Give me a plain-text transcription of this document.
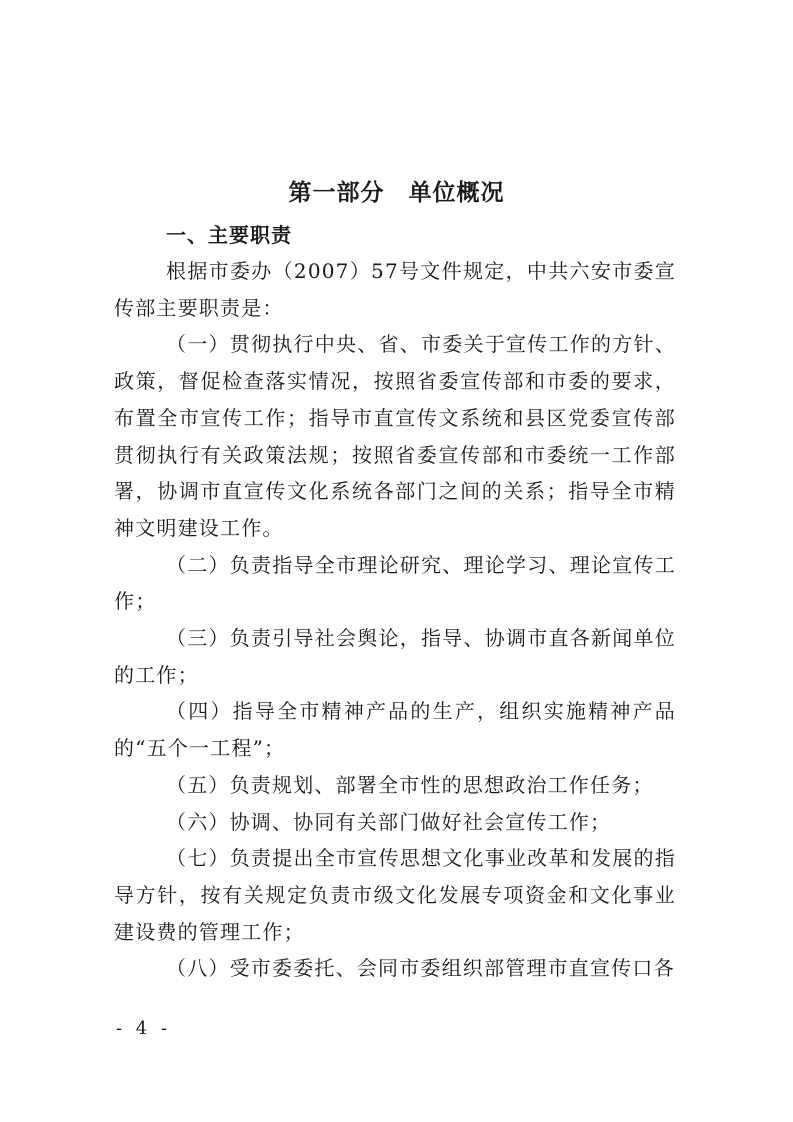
第一部分　单位概况
一、主要职责

根据市委办（2007）57号文件规定，中共六安市委宣传部主要职责是：

（一）贯彻执行中央、省、市委关于宣传工作的方针、政策，督促检查落实情况，按照省委宣传部和市委的要求，布置全市宣传工作；指导市直宣传文系统和县区党委宣传部贯彻执行有关政策法规；按照省委宣传部和市委统一工作部署，协调市直宣传文化系统各部门之间的关系；指导全市精神文明建设工作。

（二）负责指导全市理论研究、理论学习、理论宣传工作；

（三）负责引导社会舆论，指导、协调市直各新闻单位的工作；

（四）指导全市精神产品的生产，组织实施精神产品的“五个一工程”；

（五）负责规划、部署全市性的思想政治工作任务；

（六）协调、协同有关部门做好社会宣传工作；

（七）负责提出全市宣传思想文化事业改革和发展的指导方针，按有关规定负责市级文化发展专项资金和文化事业建设费的管理工作；

（八）受市委委托、会同市委组织部管理市直宣传口各

- 4 -
